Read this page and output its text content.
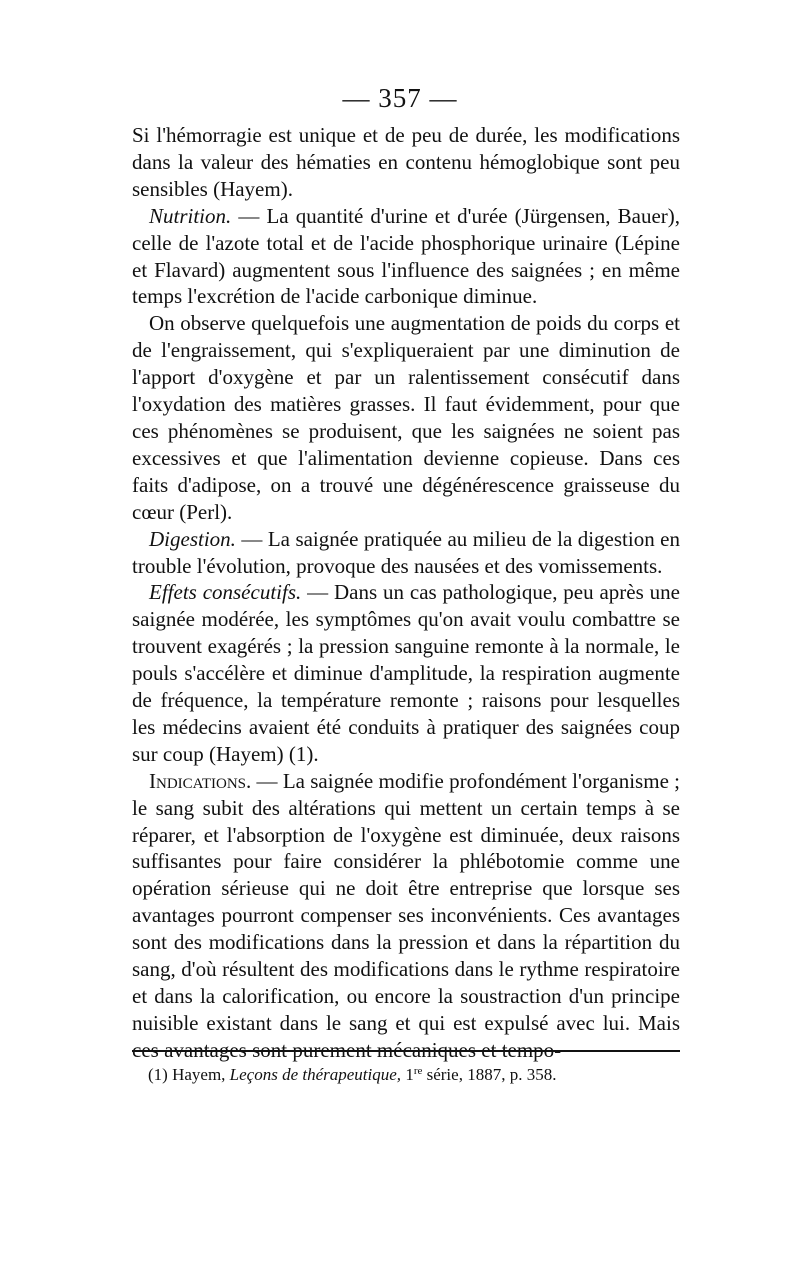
— 357 —

Si l'hémorragie est unique et de peu de durée, les modifications dans la valeur des hématies en contenu hémoglobique sont peu sensibles (Hayem).

Nutrition. — La quantité d'urine et d'urée (Jürgensen, Bauer), celle de l'azote total et de l'acide phosphorique urinaire (Lépine et Flavard) augmentent sous l'influence des saignées ; en même temps l'excrétion de l'acide carbonique diminue.

On observe quelquefois une augmentation de poids du corps et de l'engraissement, qui s'expliqueraient par une diminution de l'apport d'oxygène et par un ralentissement consécutif dans l'oxydation des matières grasses. Il faut évidemment, pour que ces phénomènes se produisent, que les saignées ne soient pas excessives et que l'alimentation devienne copieuse. Dans ces faits d'adipose, on a trouvé une dégénérescence graisseuse du cœur (Perl).

Digestion. — La saignée pratiquée au milieu de la digestion en trouble l'évolution, provoque des nausées et des vomissements.

Effets consécutifs. — Dans un cas pathologique, peu après une saignée modérée, les symptômes qu'on avait voulu combattre se trouvent exagérés ; la pression sanguine remonte à la normale, le pouls s'accélère et diminue d'amplitude, la respiration augmente de fréquence, la température remonte ; raisons pour lesquelles les médecins avaient été conduits à pratiquer des saignées coup sur coup (Hayem) (1).

Indications. — La saignée modifie profondément l'organisme ; le sang subit des altérations qui mettent un certain temps à se réparer, et l'absorption de l'oxygène est diminuée, deux raisons suffisantes pour faire considérer la phlébotomie comme une opération sérieuse qui ne doit être entreprise que lorsque ses avantages pourront compenser ses inconvénients. Ces avantages sont des modifications dans la pression et dans la répartition du sang, d'où résultent des modifications dans le rythme respiratoire et dans la calorification, ou encore la soustraction d'un principe nuisible existant dans le sang et qui est expulsé avec lui. Mais ces avantages sont purement mécaniques et tempo-

(1) Hayem, Leçons de thérapeutique, 1re série, 1887, p. 358.
